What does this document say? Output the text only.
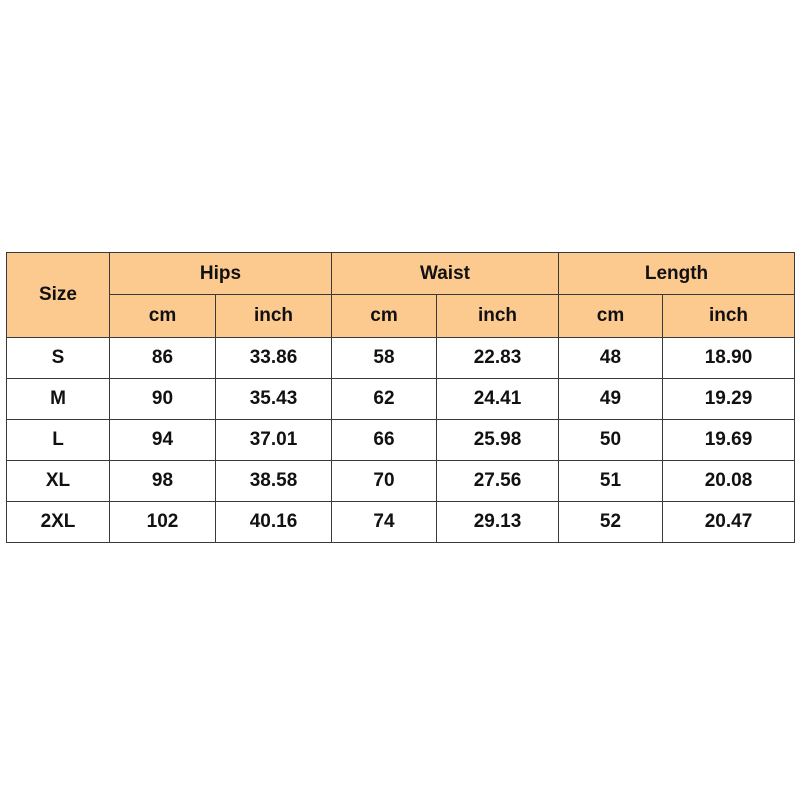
Size	Hips		Waist		Length	
	cm	inch	cm	inch	cm	inch
S	86	33.86	58	22.83	48	18.90
M	90	35.43	62	24.41	49	19.29
L	94	37.01	66	25.98	50	19.69
XL	98	38.58	70	27.56	51	20.08
2XL	102	40.16	74	29.13	52	20.47
